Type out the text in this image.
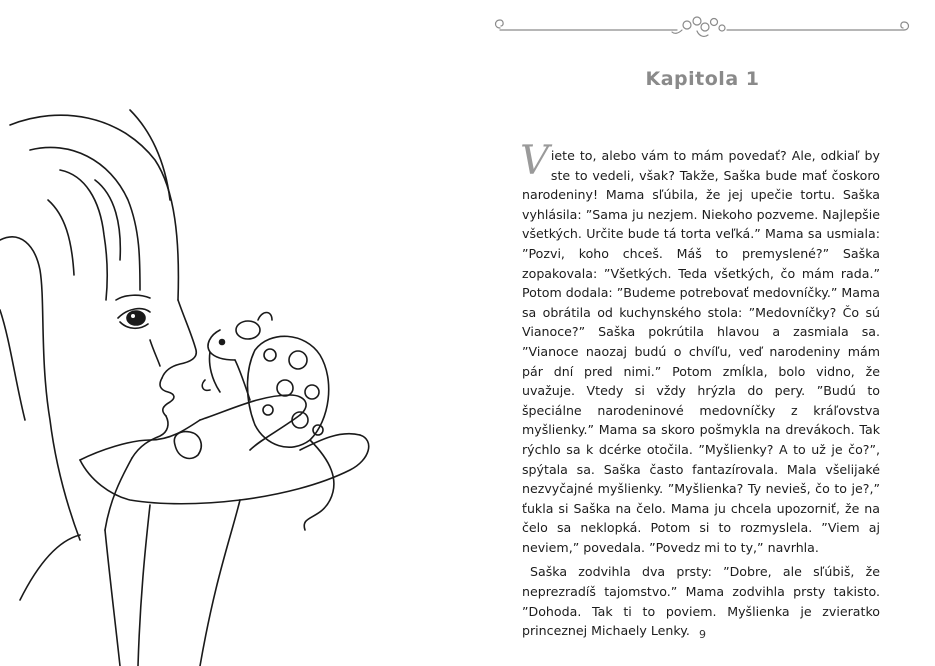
Kapitola 1

Viete to, alebo vám to mám povedať? Ale, odkiaľ by ste to vedeli, však? Takže, Saška bude mať čoskoro narodeniny! Mama sľúbila, že jej upečie tortu. Saška vyhlásila: ”Sama ju nezjem. Niekoho pozveme. Najlepšie všetkých. Určite bude tá torta veľká.” Mama sa usmiala: ”Pozvi, koho chceš. Máš to premyslené?” Saška zopakovala: ”Všetkých. Teda všetkých, čo mám rada.” Potom dodala: ”Budeme potrebovať medovníčky.” Mama sa obrátila od kuchynského stola: ”Medovníčky? Čo sú Vianoce?” Saška pokrútila hlavou a zasmiala sa. ”Vianoce naozaj budú o chvíľu, veď narodeniny mám pár dní pred nimi.” Potom zmĺkla, bolo vidno, že uvažuje. Vtedy si vždy hrýzla do pery. ”Budú to špeciálne narodeninové medovníčky z kráľovstva myšlienky.” Mama sa skoro pošmykla na drevákoch. Tak rýchlo sa k dcérke otočila. ”Myšlienky? A to už je čo?”, spýtala sa. Saška často fantazírovala. Mala všelijaké nezvyčajné myšlienky. ”Myšlienka? Ty nevieš, čo to je?,” ťukla si Saška na čelo. Mama ju chcela upozorniť, že na čelo sa neklopká. Potom si to rozmyslela. ”Viem aj neviem,” povedala. ”Povedz mi to ty,” navrhla.

Saška zodvihla dva prsty: ”Dobre, ale sľúbiš, že neprezradíš tajomstvo.” Mama zodvihla prsty takisto. ”Dohoda. Tak ti to poviem. Myšlienka je zvieratko princeznej Michaely Lenky. 9
